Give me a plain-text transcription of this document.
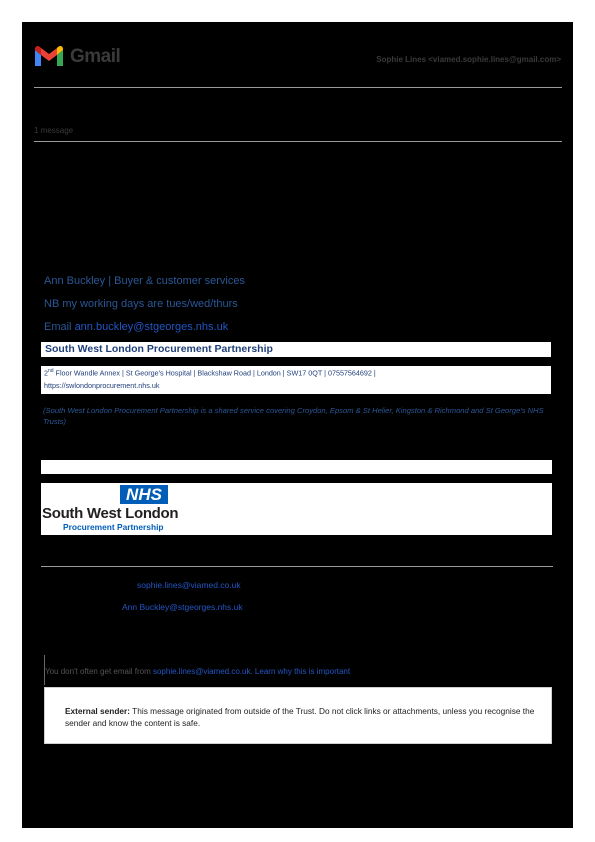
Gmail	Sophie Lines <viamed.sophie.lines@gmail.com>
1 message
Ann Buckley | Buyer & customer services
NB my working days are tues/wed/thurs
Email ann.buckley@stgeorges.nhs.uk
South West London Procurement Partnership
2nd Floor Wandle Annex | St George's Hospital | Blackshaw Road | London | SW17 0QT | 07557564692 |
https://swlondonprocurement.nhs.uk
(South West London Procurement Partnership is a shared service covering Croydon, Epsom & St Helier, Kingston & Richmond and St George's NHS Trusts)
NHS
South West London
Procurement Partnership
sophie.lines@viamed.co.uk
Ann Buckley@stgeorges.nhs.uk
You don't often get email from sophie.lines@viamed.co.uk. Learn why this is important
External sender: This message originated from outside of the Trust. Do not click links or attachments, unless you recognise the sender and know the content is safe.
